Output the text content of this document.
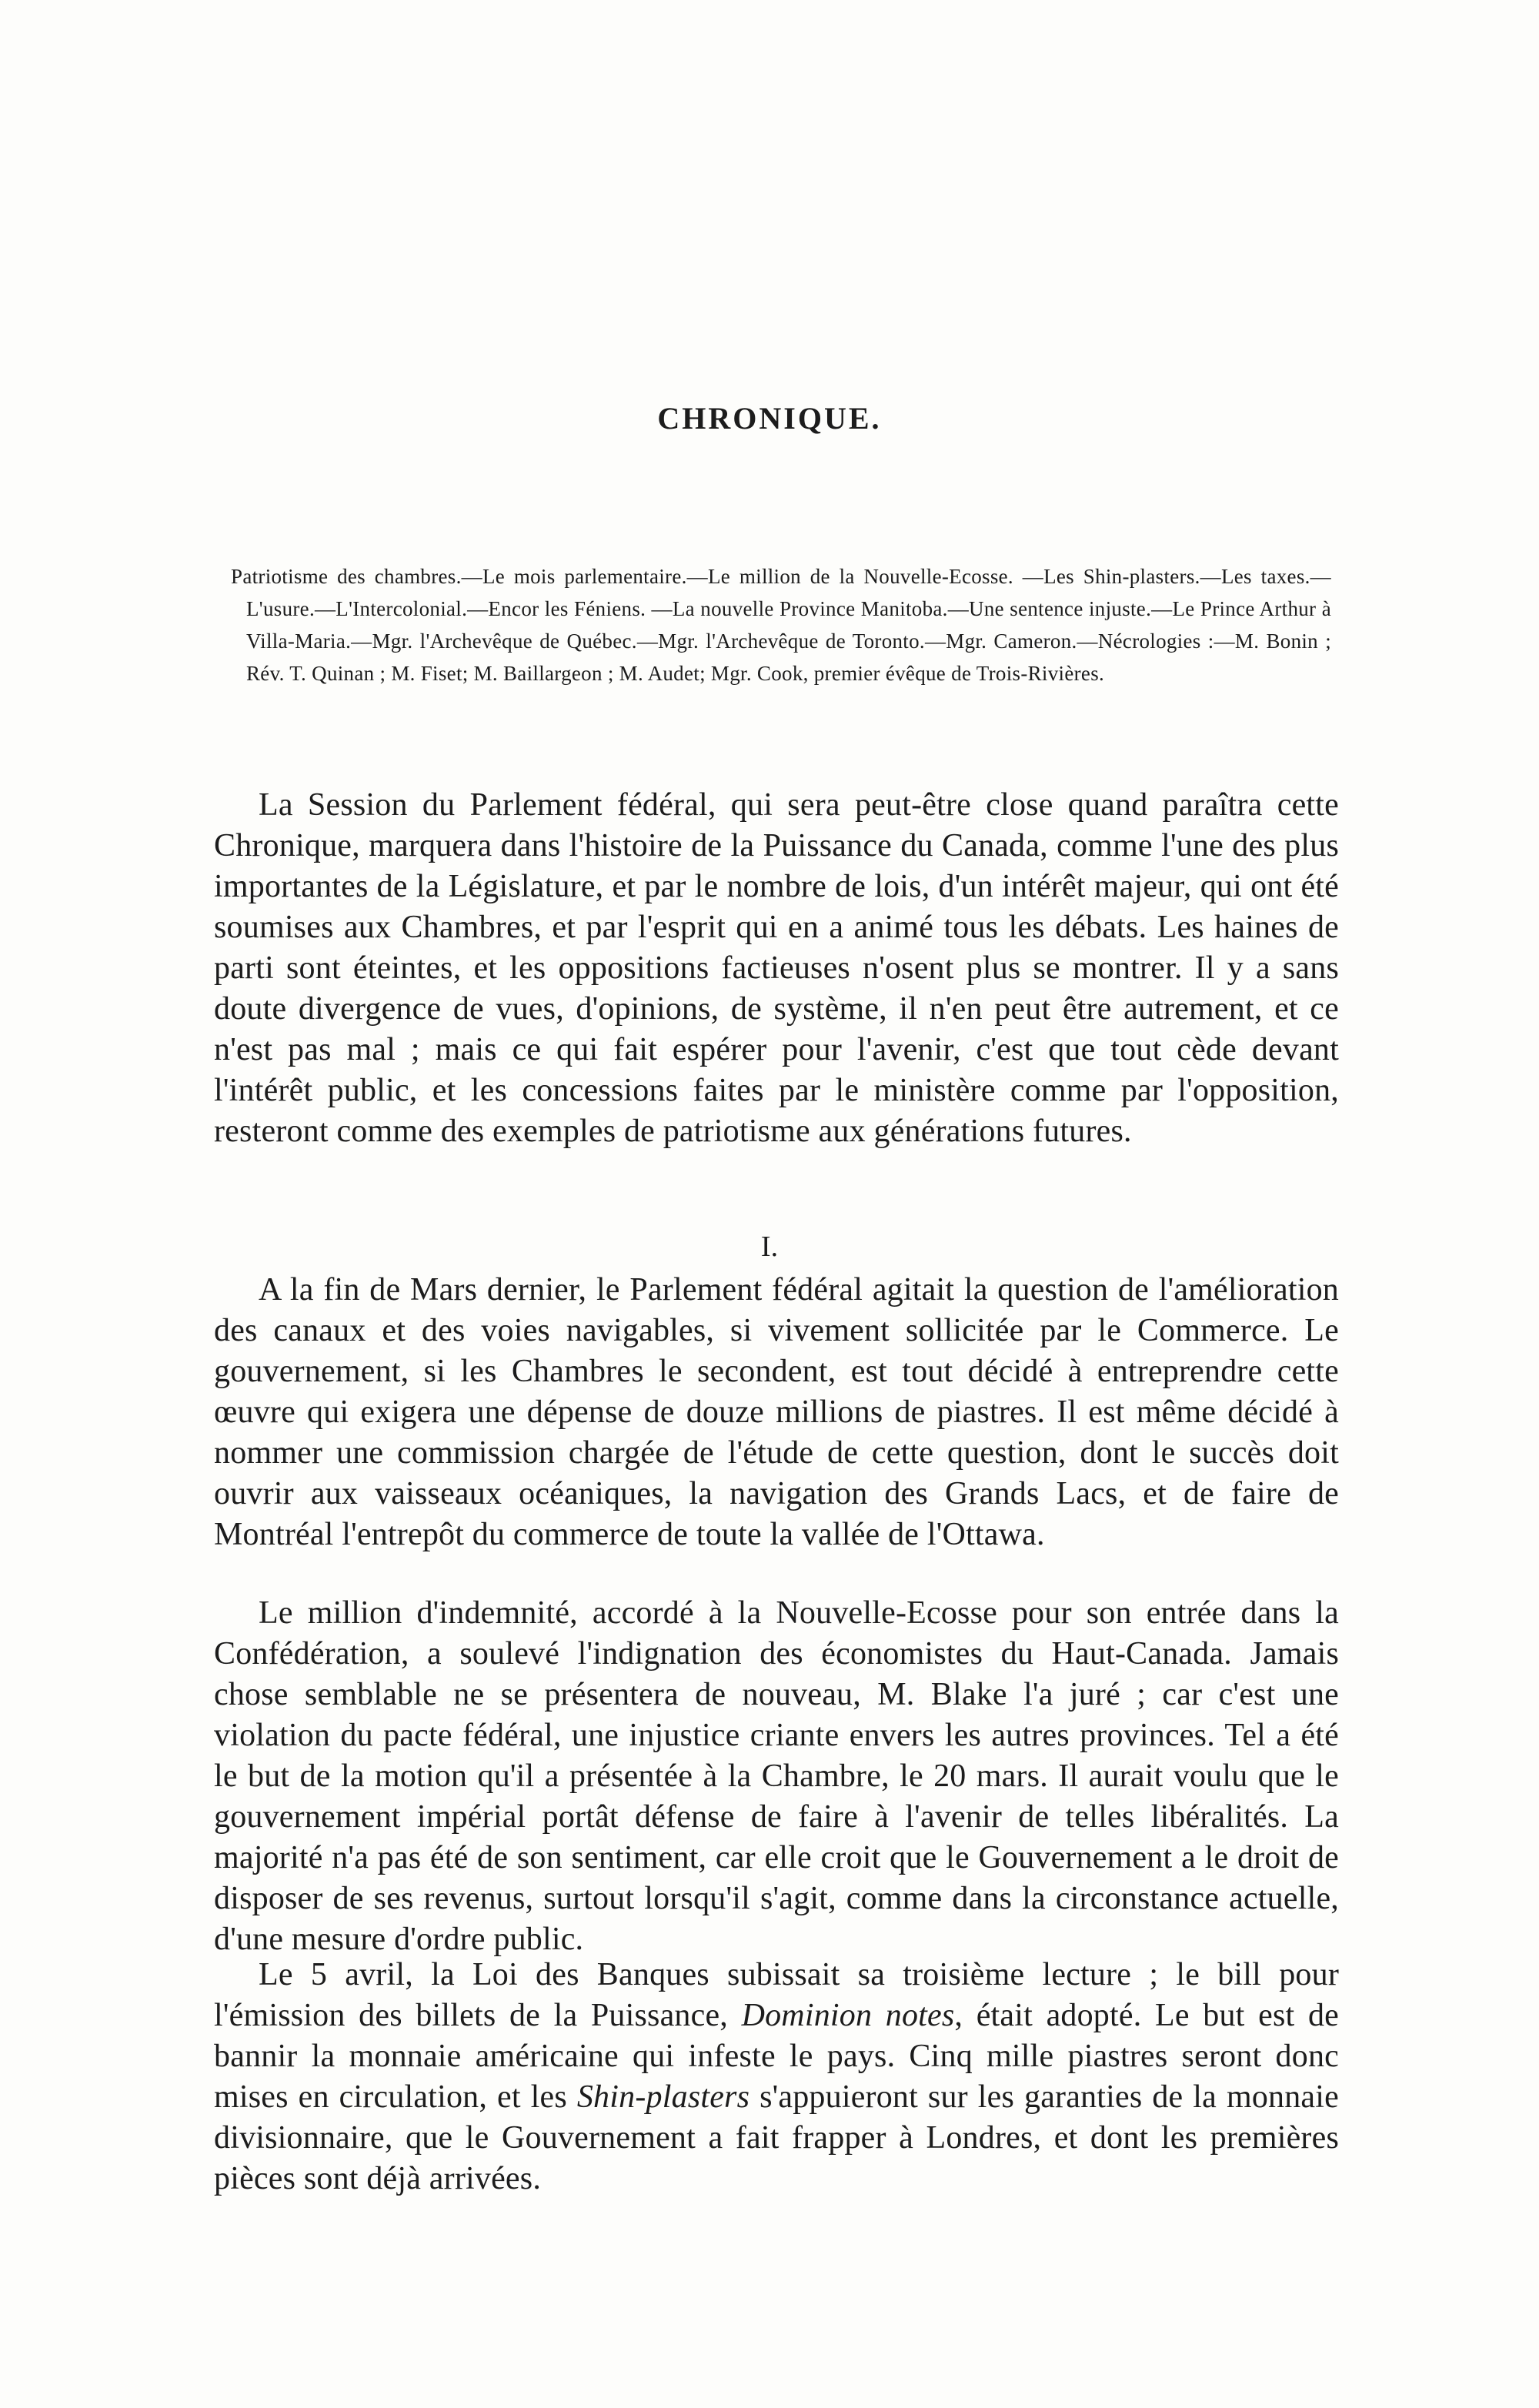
CHRONIQUE.
Patriotisme des chambres.—Le mois parlementaire.—Le million de la Nouvelle-Ecosse. —Les Shin-plasters.—Les taxes.—L'usure.—L'Intercolonial.—Encor les Féniens. —La nouvelle Province Manitoba.—Une sentence injuste.—Le Prince Arthur à Villa-Maria.—Mgr. l'Archevêque de Québec.—Mgr. l'Archevêque de Toronto.—Mgr. Cameron.—Nécrologies :—M. Bonin ; Rév. T. Quinan ; M. Fiset; M. Baillargeon ; M. Audet; Mgr. Cook, premier évêque de Trois-Rivières.

La Session du Parlement fédéral, qui sera peut-être close quand paraîtra cette Chronique, marquera dans l'histoire de la Puissance du Canada, comme l'une des plus importantes de la Législature, et par le nombre de lois, d'un intérêt majeur, qui ont été soumises aux Chambres, et par l'esprit qui en a animé tous les débats. Les haines de parti sont éteintes, et les oppositions factieuses n'osent plus se montrer. Il y a sans doute divergence de vues, d'opinions, de système, il n'en peut être autrement, et ce n'est pas mal ; mais ce qui fait espérer pour l'avenir, c'est que tout cède devant l'intérêt public, et les concessions faites par le ministère comme par l'opposition, resteront comme des exemples de patriotisme aux générations futures.

I.

A la fin de Mars dernier, le Parlement fédéral agitait la question de l'amélioration des canaux et des voies navigables, si vivement sollicitée par le Commerce. Le gouvernement, si les Chambres le secondent, est tout décidé à entreprendre cette œuvre qui exigera une dépense de douze millions de piastres. Il est même décidé à nommer une commission chargée de l'étude de cette question, dont le succès doit ouvrir aux vaisseaux océaniques, la navigation des Grands Lacs, et de faire de Montréal l'entrepôt du commerce de toute la vallée de l'Ottawa.

Le million d'indemnité, accordé à la Nouvelle-Ecosse pour son entrée dans la Confédération, a soulevé l'indignation des économistes du Haut-Canada. Jamais chose semblable ne se présentera de nouveau, M. Blake l'a juré ; car c'est une violation du pacte fédéral, une injustice criante envers les autres provinces. Tel a été le but de la motion qu'il a présentée à la Chambre, le 20 mars. Il aurait voulu que le gouvernement impérial portât défense de faire à l'avenir de telles libéralités. La majorité n'a pas été de son sentiment, car elle croit que le Gouvernement a le droit de disposer de ses revenus, surtout lorsqu'il s'agit, comme dans la circonstance actuelle, d'une mesure d'ordre public.

Le 5 avril, la Loi des Banques subissait sa troisième lecture ; le bill pour l'émission des billets de la Puissance, Dominion notes, était adopté. Le but est de bannir la monnaie américaine qui infeste le pays. Cinq mille piastres seront donc mises en circulation, et les Shin-plasters s'appuieront sur les garanties de la monnaie divisionnaire, que le Gouvernement a fait frapper à Londres, et dont les premières pièces sont déjà arrivées.
